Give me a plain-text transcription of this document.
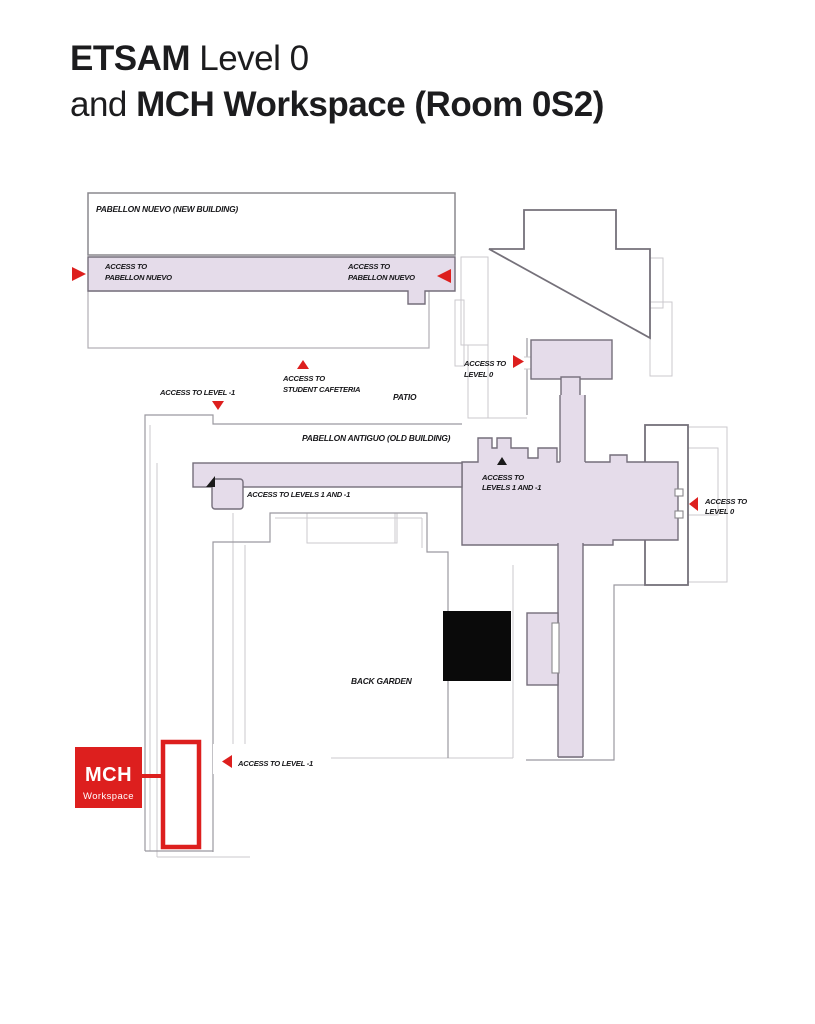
ETSAM Level 0
and MCH Workspace (Room 0S2)
MCH
Workspace
PABELLON NUEVO (NEW BUILDING)
ACCESS TO
PABELLON NUEVO
ACCESS TO
PABELLON NUEVO
ACCESS TO LEVEL -1
ACCESS TO
STUDENT CAFETERIA
PATIO
ACCESS TO
LEVEL 0
PABELLON ANTIGUO (OLD BUILDING)
ACCESS TO LEVELS 1 AND -1
ACCESS TO
LEVELS 1 AND -1
ACCESS TO
LEVEL 0
BACK GARDEN
ACCESS TO LEVEL -1
